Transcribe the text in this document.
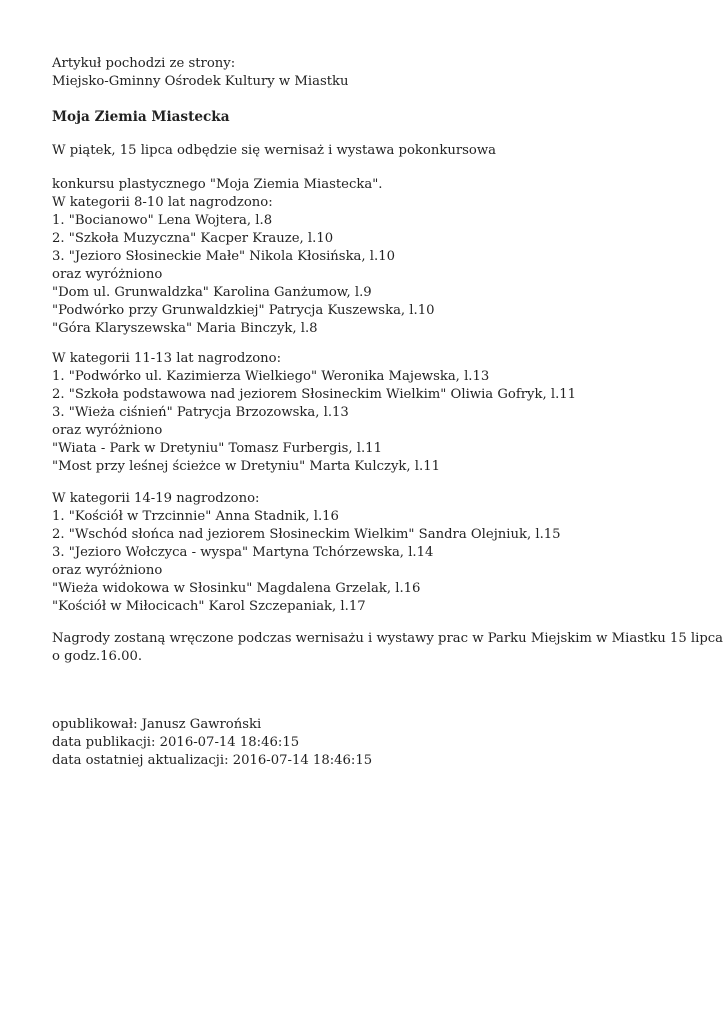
Artykuł pochodzi ze strony:
Miejsko-Gminny Ośrodek Kultury w Miastku
Moja Ziemia Miastecka
W piątek, 15 lipca odbędzie się wernisaż i wystawa pokonkursowa
konkursu plastycznego "Moja Ziemia Miastecka".
W kategorii 8-10 lat nagrodzono:
1. "Bocianowo" Lena Wojtera, l.8
2. "Szkoła Muzyczna" Kacper Krauze, l.10
3. "Jezioro Słosineckie Małe" Nikola Kłosińska, l.10
oraz wyróżniono
"Dom ul. Grunwaldzka" Karolina Ganżumow, l.9
"Podwórko przy Grunwaldzkiej" Patrycja Kuszewska, l.10
"Góra Klaryszewska" Maria Binczyk, l.8
W kategorii 11-13 lat nagrodzono:
1. "Podwórko ul. Kazimierza Wielkiego" Weronika Majewska, l.13
2. "Szkoła podstawowa nad jeziorem Słosineckim Wielkim" Oliwia Gofryk, l.11
3. "Wieża ciśnień" Patrycja Brzozowska, l.13
oraz wyróżniono
"Wiata - Park w Dretyniu" Tomasz Furbergis, l.11
"Most przy leśnej ścieżce w Dretyniu" Marta Kulczyk, l.11
W kategorii 14-19 nagrodzono:
1. "Kościół w Trzcinnie" Anna Stadnik, l.16
2. "Wschód słońca nad jeziorem Słosineckim Wielkim" Sandra Olejniuk, l.15
3. "Jezioro Wołczyca - wyspa" Martyna Tchórzewska, l.14
oraz wyróżniono
"Wieża widokowa w Słosinku" Magdalena Grzelak, l.16
"Kościół w Miłocicach" Karol Szczepaniak, l.17
Nagrody zostaną wręczone podczas wernisażu i wystawy prac w Parku Miejskim w Miastku 15 lipca
o godz.16.00.
opublikował: Janusz Gawroński
data publikacji: 2016-07-14 18:46:15
data ostatniej aktualizacji: 2016-07-14 18:46:15
